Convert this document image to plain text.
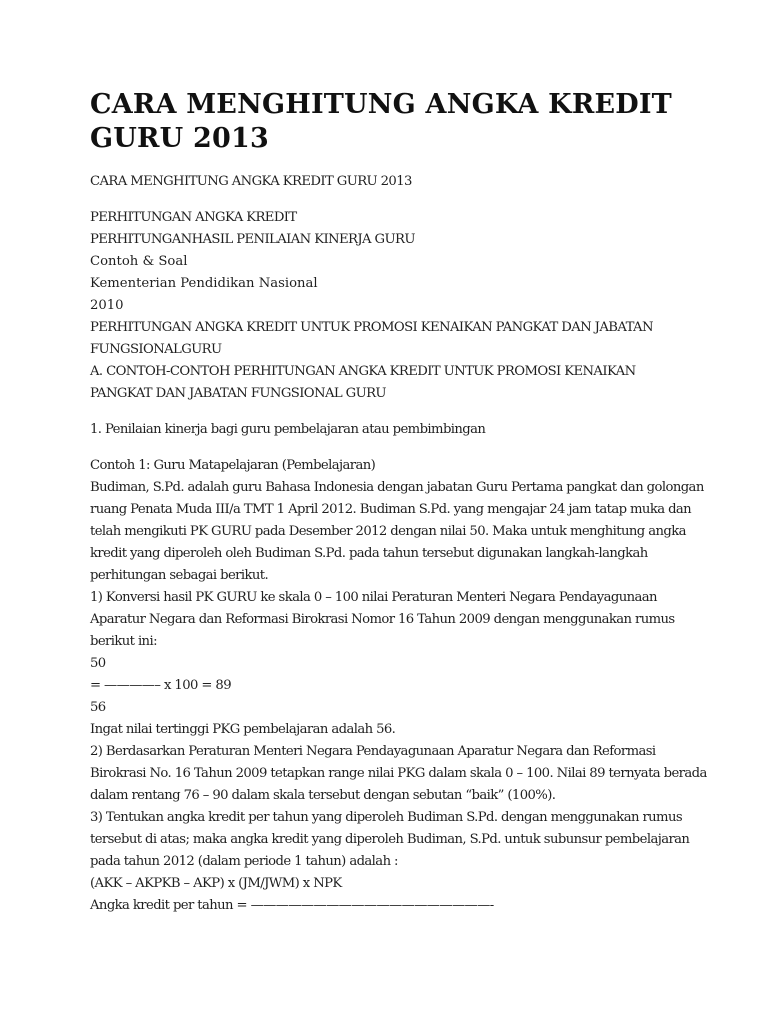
CARA MENGHITUNG ANGKA KREDIT
GURU 2013
CARA MENGHITUNG ANGKA KREDIT GURU 2013
PERHITUNGAN ANGKA KREDIT
PERHITUNGANHASIL PENILAIAN KINERJA GURU
Contoh & Soal
Kementerian Pendidikan Nasional
2010
PERHITUNGAN ANGKA KREDIT UNTUK PROMOSI KENAIKAN PANGKAT DAN JABATAN
FUNGSIONALGURU
A. CONTOH-CONTOH PERHITUNGAN ANGKA KREDIT UNTUK PROMOSI KENAIKAN
PANGKAT DAN JABATAN FUNGSIONAL GURU
1. Penilaian kinerja bagi guru pembelajaran atau pembimbingan
Contoh 1: Guru Matapelajaran (Pembelajaran)
Budiman, S.Pd. adalah guru Bahasa Indonesia dengan jabatan Guru Pertama pangkat dan golongan
ruang Penata Muda III/a TMT 1 April 2012. Budiman S.Pd. yang mengajar 24 jam tatap muka dan
telah mengikuti PK GURU pada Desember 2012 dengan nilai 50. Maka untuk menghitung angka
kredit yang diperoleh oleh Budiman S.Pd. pada tahun tersebut digunakan langkah-langkah
perhitungan sebagai berikut.
1) Konversi hasil PK GURU ke skala 0 – 100 nilai Peraturan Menteri Negara Pendayagunaan
Aparatur Negara dan Reformasi Birokrasi Nomor 16 Tahun 2009 dengan menggunakan rumus
berikut ini:
50
= ————– x 100 = 89
56
Ingat nilai tertinggi PKG pembelajaran adalah 56.
2) Berdasarkan Peraturan Menteri Negara Pendayagunaan Aparatur Negara dan Reformasi
Birokrasi No. 16 Tahun 2009 tetapkan range nilai PKG dalam skala 0 – 100. Nilai 89 ternyata berada
dalam rentang 76 – 90 dalam skala tersebut dengan sebutan “baik” (100%).
3) Tentukan angka kredit per tahun yang diperoleh Budiman S.Pd. dengan menggunakan rumus
tersebut di atas; maka angka kredit yang diperoleh Budiman, S.Pd. untuk subunsur pembelajaran
pada tahun 2012 (dalam periode 1 tahun) adalah :
(AKK – AKPKB – AKP) x (JM/JWM) x NPK
Angka kredit per tahun = ———————————————————-
